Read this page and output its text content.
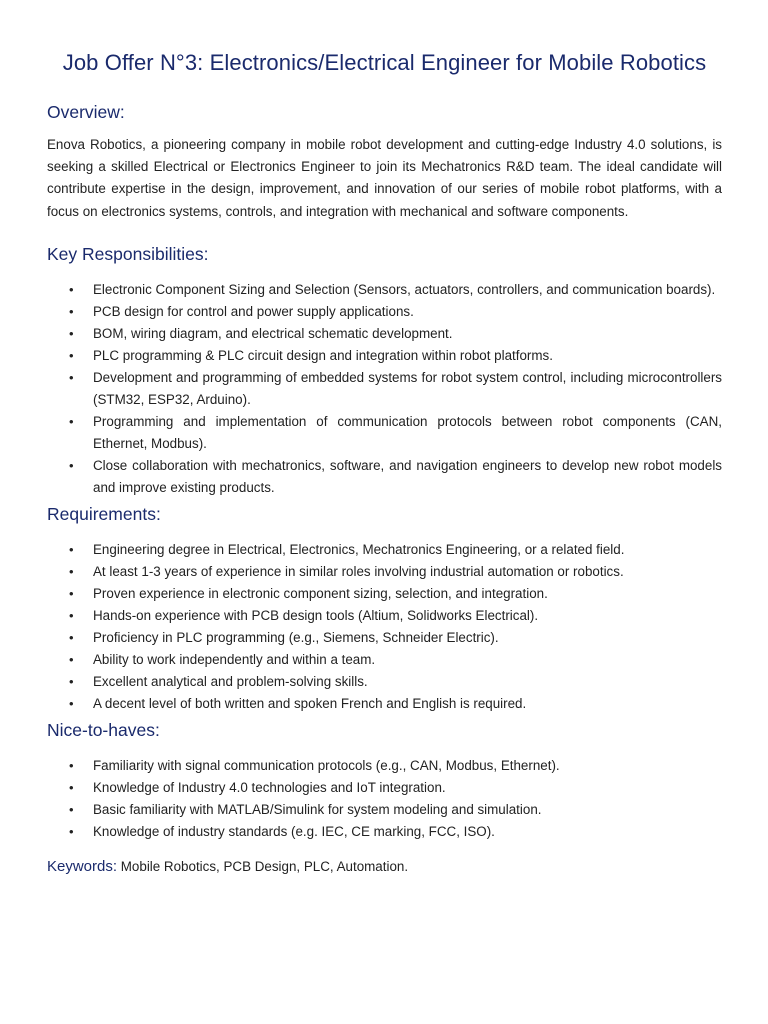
Job Offer N°3: Electronics/Electrical Engineer for Mobile Robotics
Overview:

Enova Robotics, a pioneering company in mobile robot development and cutting-edge Industry 4.0 solutions, is seeking a skilled Electrical or Electronics Engineer to join its Mechatronics R&D team. The ideal candidate will contribute expertise in the design, improvement, and innovation of our series of mobile robot platforms, with a focus on electronics systems, controls, and integration with mechanical and software components.

Key Responsibilities:
• Electronic Component Sizing and Selection (Sensors, actuators, controllers, and communication boards).
• PCB design for control and power supply applications.
• BOM, wiring diagram, and electrical schematic development.
• PLC programming & PLC circuit design and integration within robot platforms.
• Development and programming of embedded systems for robot system control, including microcontrollers (STM32, ESP32, Arduino).
• Programming and implementation of communication protocols between robot components (CAN, Ethernet, Modbus).
• Close collaboration with mechatronics, software, and navigation engineers to develop new robot models and improve existing products.
Requirements:
• Engineering degree in Electrical, Electronics, Mechatronics Engineering, or a related field.
• At least 1-3 years of experience in similar roles involving industrial automation or robotics.
• Proven experience in electronic component sizing, selection, and integration.
• Hands-on experience with PCB design tools (Altium, Solidworks Electrical).
• Proficiency in PLC programming (e.g., Siemens, Schneider Electric).
• Ability to work independently and within a team.
• Excellent analytical and problem-solving skills.
• A decent level of both written and spoken French and English is required.
Nice-to-haves:
• Familiarity with signal communication protocols (e.g., CAN, Modbus, Ethernet).
• Knowledge of Industry 4.0 technologies and IoT integration.
• Basic familiarity with MATLAB/Simulink for system modeling and simulation.
• Knowledge of industry standards (e.g. IEC, CE marking, FCC, ISO).
Keywords: Mobile Robotics, PCB Design, PLC, Automation.
